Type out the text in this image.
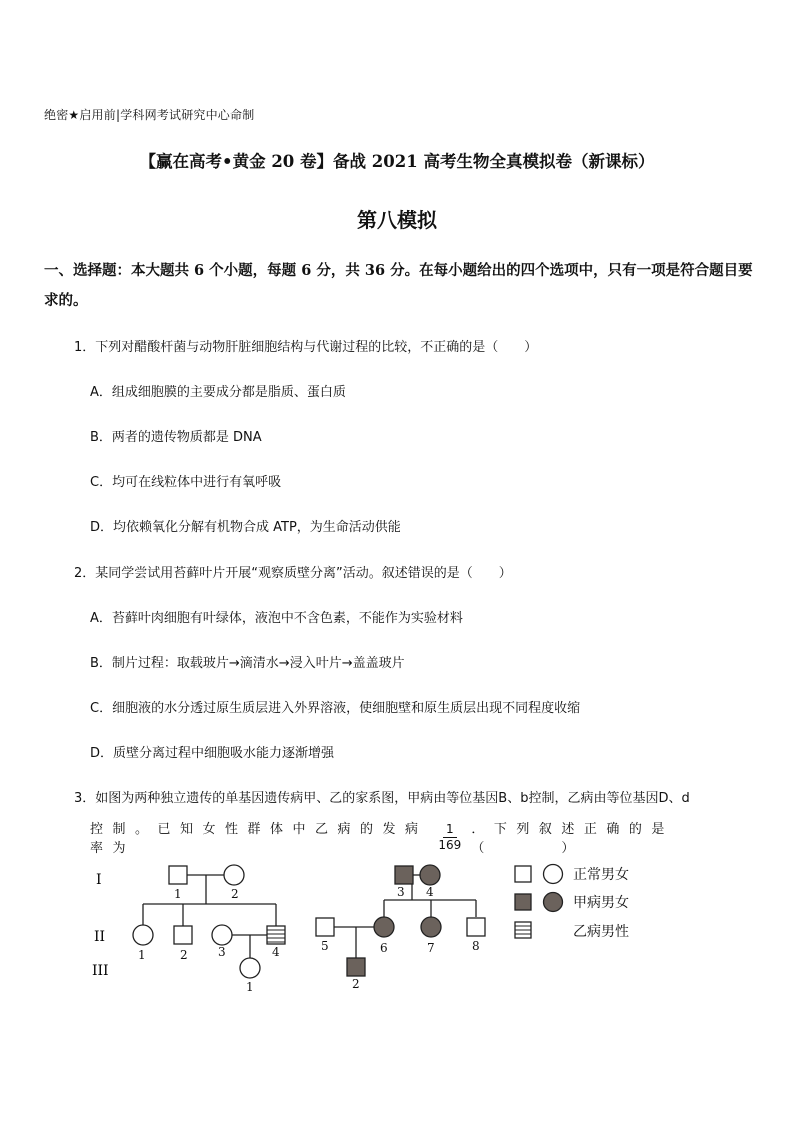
绝密★启用前|学科网考试研究中心命制
【赢在高考•黄金 20 卷】备战 2021 高考生物全真模拟卷（新课标）
第八模拟
一、选择题：本大题共 6 个小题，每题 6 分，共 36 分。在每小题给出的四个选项中，只有一项是符合题目要求的。
1．下列对醋酸杆菌与动物肝脏细胞结构与代谢过程的比较，不正确的是（　　）
A．组成细胞膜的主要成分都是脂质、蛋白质
B．两者的遗传物质都是 DNA
C．均可在线粒体中进行有氧呼吸
D．均依赖氧化分解有机物合成 ATP，为生命活动供能
2．某同学尝试用苔藓叶片开展“观察质壁分离”活动。叙述错误的是（　　）
A．苔藓叶肉细胞有叶绿体，液泡中不含色素，不能作为实验材料
B．制片过程：取载玻片→滴清水→浸入叶片→盖盖玻片
C．细胞液的水分透过原生质层进入外界溶液，使细胞壁和原生质层出现不同程度收缩
D．质壁分离过程中细胞吸水能力逐渐增强
3．如图为两种独立遗传的单基因遗传病甲、乙的家系图，甲病由等位基因B、b控制，乙病由等位基因D、d
控制。已知女性群体中乙病的发病率为	$\frac{1}{169}$ ．下列叙述正确的是（　　　）
I
II
III
1	2
1	2	3	4
1
3 4
5	6	7	8
2
正常男女
甲病男女
乙病男性
